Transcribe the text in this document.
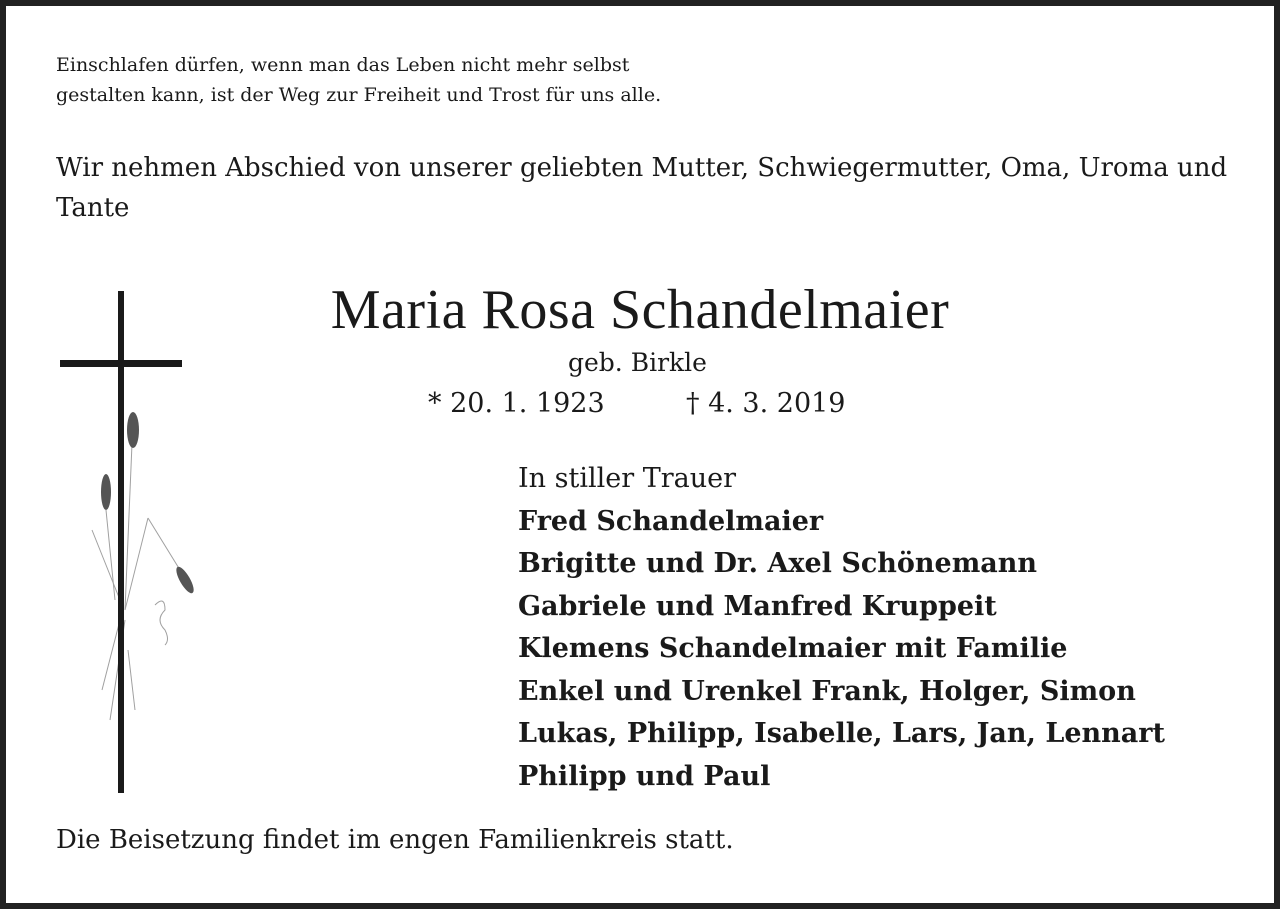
Einschlafen dürfen, wenn man das Leben nicht mehr selbst
gestalten kann, ist der Weg zur Freiheit und Trost für uns alle.
Wir nehmen Abschied von unserer geliebten Mutter, Schwiegermutter, Oma, Uroma und Tante
Maria Rosa Schandelmaier
geb. Birkle
* 20. 1. 1923	† 4. 3. 2019
In stiller Trauer
Fred Schandelmaier
Brigitte und Dr. Axel Schönemann
Gabriele und Manfred Kruppeit
Klemens Schandelmaier mit Familie
Enkel und Urenkel Frank, Holger, Simon
Lukas, Philipp, Isabelle, Lars, Jan, Lennart
Philipp und Paul
Die Beisetzung findet im engen Familienkreis statt.
